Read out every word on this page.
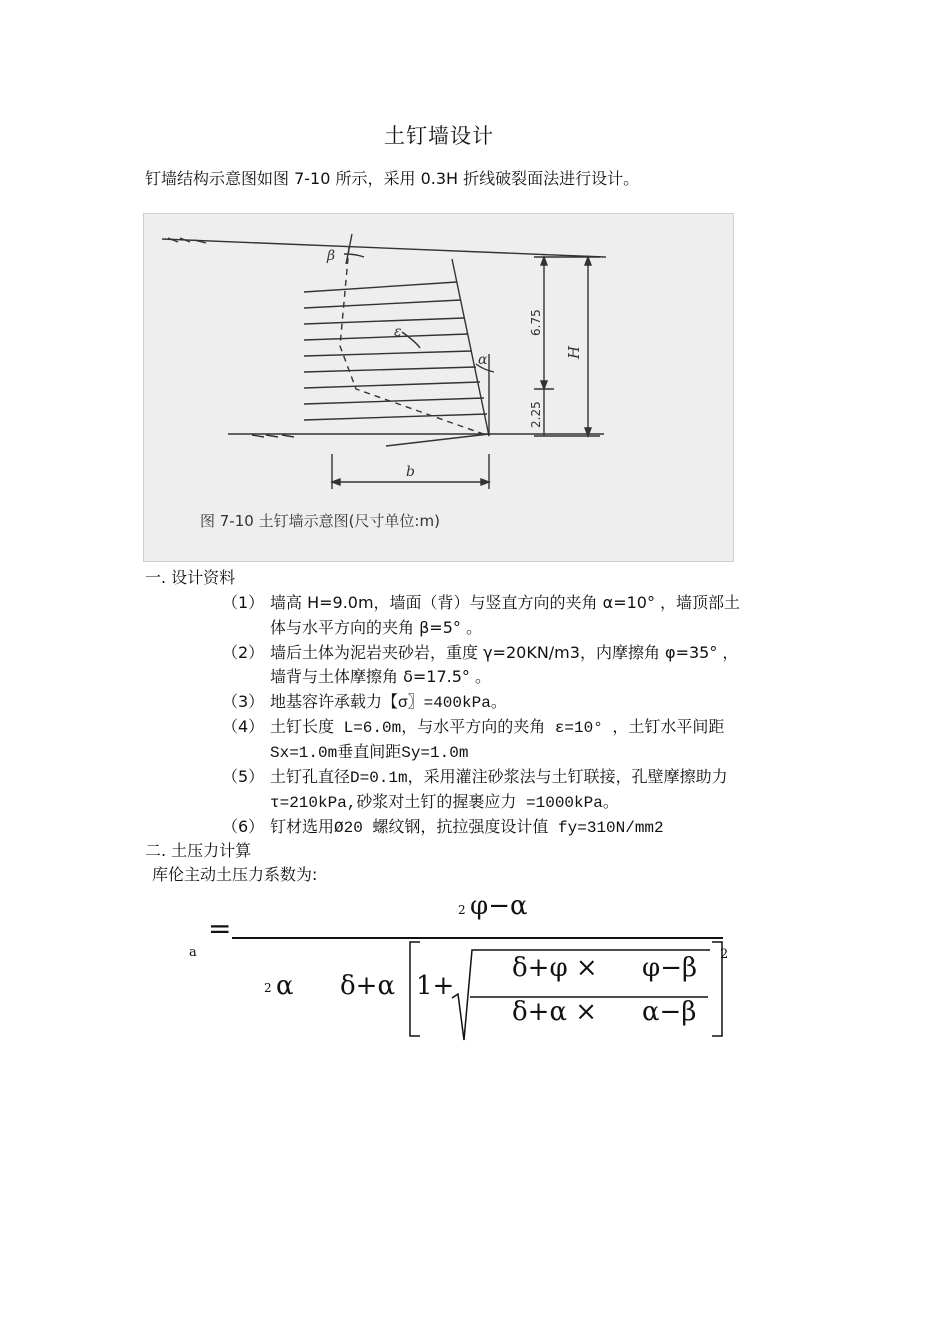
土钉墙设计
钉墙结构示意图如图 7-10 所示，采用 0.3H 折线破裂面法进行设计。
β
ε
α	H
b
6.75
2.25
图 7-10 土钉墙示意图(尺寸单位:m)
一. 设计资料
（1） 墙高 H=9.0m，墙面（背）与竖直方向的夹角 α=10° ，墙顶部土
体与水平方向的夹角 β=5° 。
（2） 墙后土体为泥岩夹砂岩，重度 γ=20KN/m3，内摩擦角 φ=35° ，
墙背与土体摩擦角 δ=17.5° 。
（3） 地基容许承载力【σ〗=400kPa。
（4） 土钉长度 L=6.0m，与水平方向的夹角 ε=10° ，土钉水平间距
Sx=1.0m垂直间距Sy=1.0m
（5） 土钉孔直径D=0.1m，采用灌注砂浆法与土钉联接，孔壁摩擦助力
τ=210kPa,砂浆对土钉的握裹应力 =1000kPa。
（6） 钉材选用Ø20 螺纹钢，抗拉强度设计值 fy=310N/mm2
二. 土压力计算
库伦主动土压力系数为:
a
=
2 φ−α
2 α δ+α 1+
δ+φ × φ−β
δ+α × α−β
2
